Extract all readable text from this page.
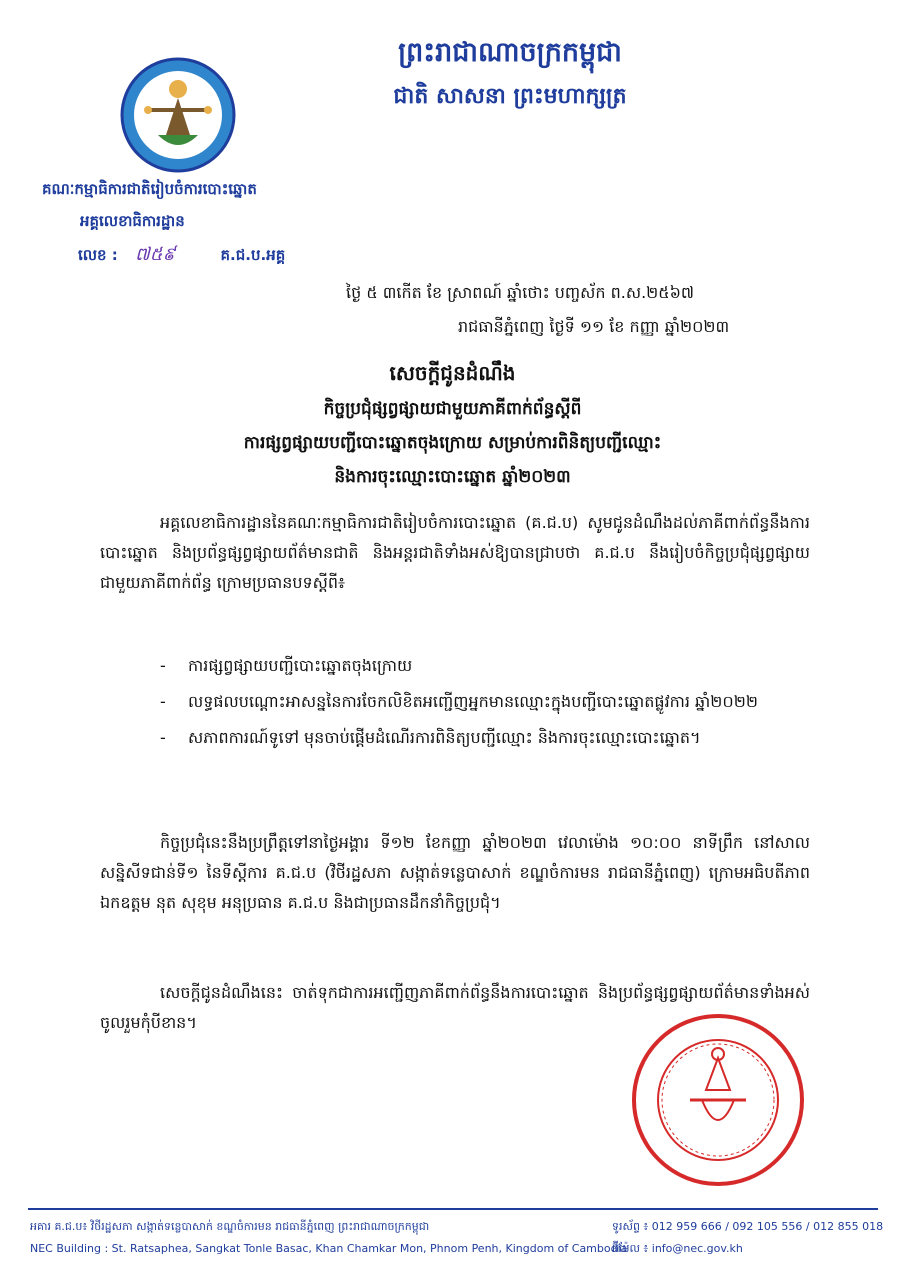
ព្រះរាជាណាចក្រកម្ពុជា
ជាតិ សាសនា ព្រះមហាក្សត្រ
គណៈកម្មាធិការជាតិរៀបចំការបោះឆ្នោត
អគ្គលេខាធិការដ្ឋាន
លេខ : ៧៥៩	គ.ជ.ប.អគ្គ
ថ្ងៃ ៥ ៣កើត ខែ ស្រាពណ៍ ឆ្នាំថោះ បញ្ចស័ក ព.ស.២៥៦៧
រាជធានីភ្នំពេញ ថ្ងៃទី ១១ ខែ កញ្ញា ឆ្នាំ២០២៣
សេចក្តីជូនដំណឹង
កិច្ចប្រជុំផ្សព្វផ្សាយជាមួយភាគីពាក់ព័ន្ធស្តីពី
ការផ្សព្វផ្សាយបញ្ជីបោះឆ្នោតចុងក្រោយ សម្រាប់ការពិនិត្យបញ្ជីឈ្មោះ
និងការចុះឈ្មោះបោះឆ្នោត ឆ្នាំ២០២៣
អគ្គលេខាធិការដ្ឋាននៃគណៈកម្មាធិការជាតិរៀបចំការបោះឆ្នោត (គ.ជ.ប) សូមជូនដំណឹងដល់ភាគីពាក់ព័ន្ធនឹងការបោះឆ្នោត និងប្រព័ន្ធផ្សព្វផ្សាយព័ត៌មានជាតិ និងអន្តរជាតិទាំងអស់ឱ្យបានជ្រាបថា គ.ជ.ប នឹងរៀបចំកិច្ចប្រជុំផ្សព្វផ្សាយជាមួយភាគីពាក់ព័ន្ធ ក្រោមប្រធានបទស្តីពី៖
- ការផ្សព្វផ្សាយបញ្ជីបោះឆ្នោតចុងក្រោយ
- លទ្ធផលបណ្តោះអាសន្ននៃការចែកលិខិតអញ្ជើញអ្នកមានឈ្មោះក្នុងបញ្ជីបោះឆ្នោតផ្លូវការ ឆ្នាំ២០២២
- សភាពការណ៍ទូទៅ មុនចាប់ផ្តើមដំណើរការពិនិត្យបញ្ជីឈ្មោះ និងការចុះឈ្មោះបោះឆ្នោត។
កិច្ចប្រជុំនេះនឹងប្រព្រឹត្តទៅនាថ្ងៃអង្គារ ទី១២ ខែកញ្ញា ឆ្នាំ២០២៣ វេលាម៉ោង ១០:០០ នាទីព្រឹក នៅសាលសន្និសីទជាន់ទី១ នៃទីស្តីការ គ.ជ.ប (វិថីរដ្ឋសភា សង្កាត់ទន្លេបាសាក់ ខណ្ឌចំការមន រាជធានីភ្នំពេញ) ក្រោមអធិបតីភាព ឯកឧត្តម នុត សុខុម អនុប្រធាន គ.ជ.ប និងជាប្រធានដឹកនាំកិច្ចប្រជុំ។
សេចក្តីជូនដំណឹងនេះ ចាត់ទុកជាការអញ្ជើញភាគីពាក់ព័ន្ធនឹងការបោះឆ្នោត និងប្រព័ន្ធផ្សព្វផ្សាយព័ត៌មានទាំងអស់ចូលរួមកុំបីខាន។
អគារ គ.ជ.ប៖ វិថីរដ្ឋសភា សង្កាត់ទន្លេបាសាក់ ខណ្ឌចំការមន រាជធានីភ្នំពេញ ព្រះរាជាណាចក្រកម្ពុជា
NEC Building : St. Ratsaphea, Sangkat Tonle Basac, Khan Chamkar Mon, Phnom Penh, Kingdom of Cambodia
ទូរស័ព្ទ ៖ 012 959 666 / 092 105 556 / 012 855 018
អ៊ីម៉ែល ៖ info@nec.gov.kh
